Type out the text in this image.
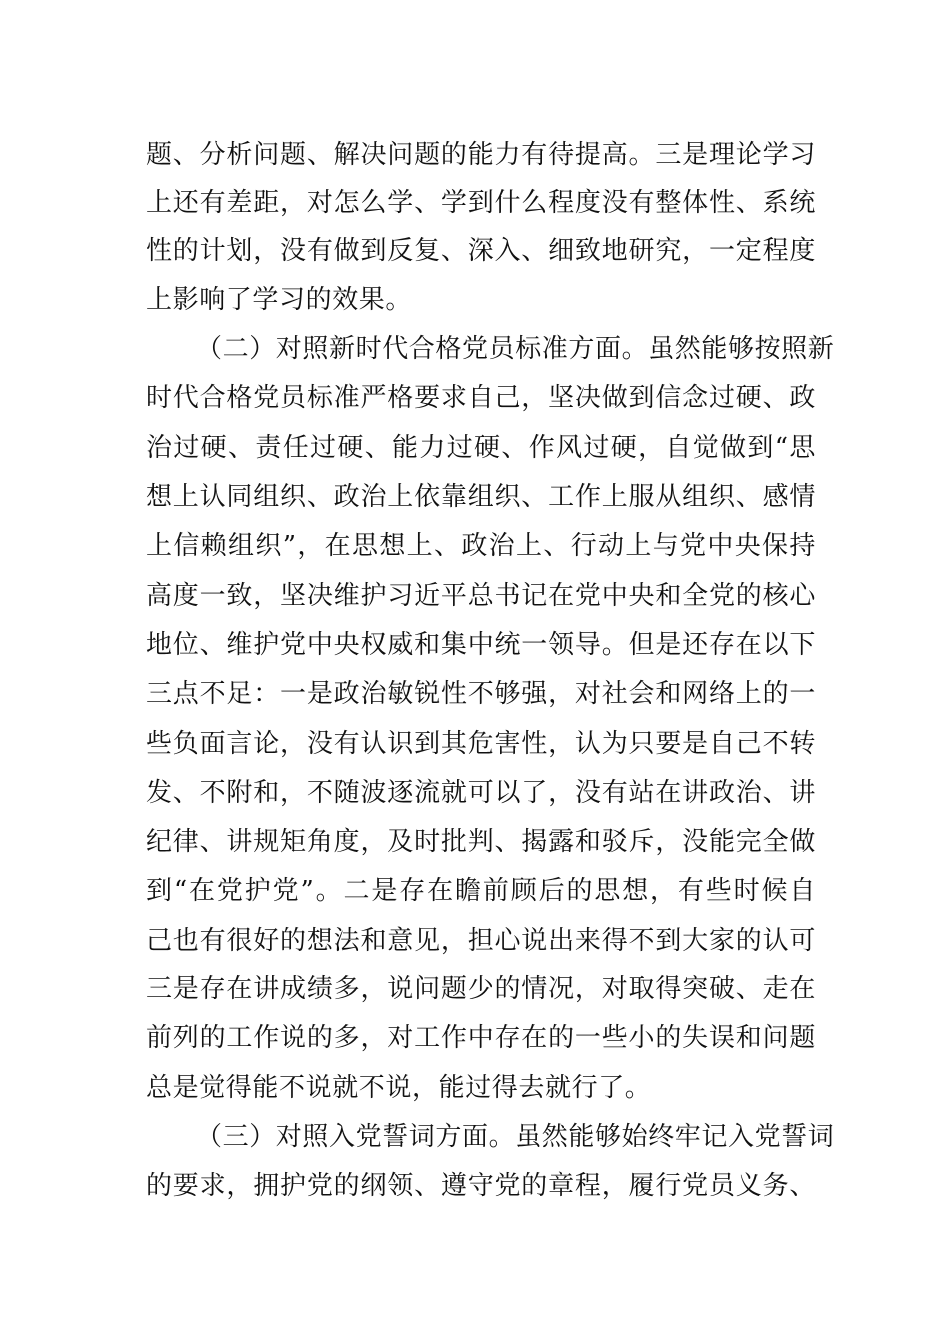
题、分析问题、解决问题的能力有待提高。三是理论学习
上还有差距，对怎么学、学到什么程度没有整体性、系统
性的计划，没有做到反复、深入、细致地研究，一定程度
上影响了学习的效果。
（二）对照新时代合格党员标准方面。虽然能够按照新
时代合格党员标准严格要求自己，坚决做到信念过硬、政
治过硬、责任过硬、能力过硬、作风过硬，自觉做到“思
想上认同组织、政治上依靠组织、工作上服从组织、感情
上信赖组织”，在思想上、政治上、行动上与党中央保持
高度一致，坚决维护习近平总书记在党中央和全党的核心
地位、维护党中央权威和集中统一领导。但是还存在以下
三点不足：一是政治敏锐性不够强，对社会和网络上的一
些负面言论，没有认识到其危害性，认为只要是自己不转
发、不附和，不随波逐流就可以了，没有站在讲政治、讲
纪律、讲规矩角度，及时批判、揭露和驳斥，没能完全做
到“在党护党”。二是存在瞻前顾后的思想，有些时候自
己也有很好的想法和意见，担心说出来得不到大家的认可
三是存在讲成绩多，说问题少的情况，对取得突破、走在
前列的工作说的多，对工作中存在的一些小的失误和问题
总是觉得能不说就不说，能过得去就行了。
（三）对照入党誓词方面。虽然能够始终牢记入党誓词
的要求，拥护党的纲领、遵守党的章程，履行党员义务、
